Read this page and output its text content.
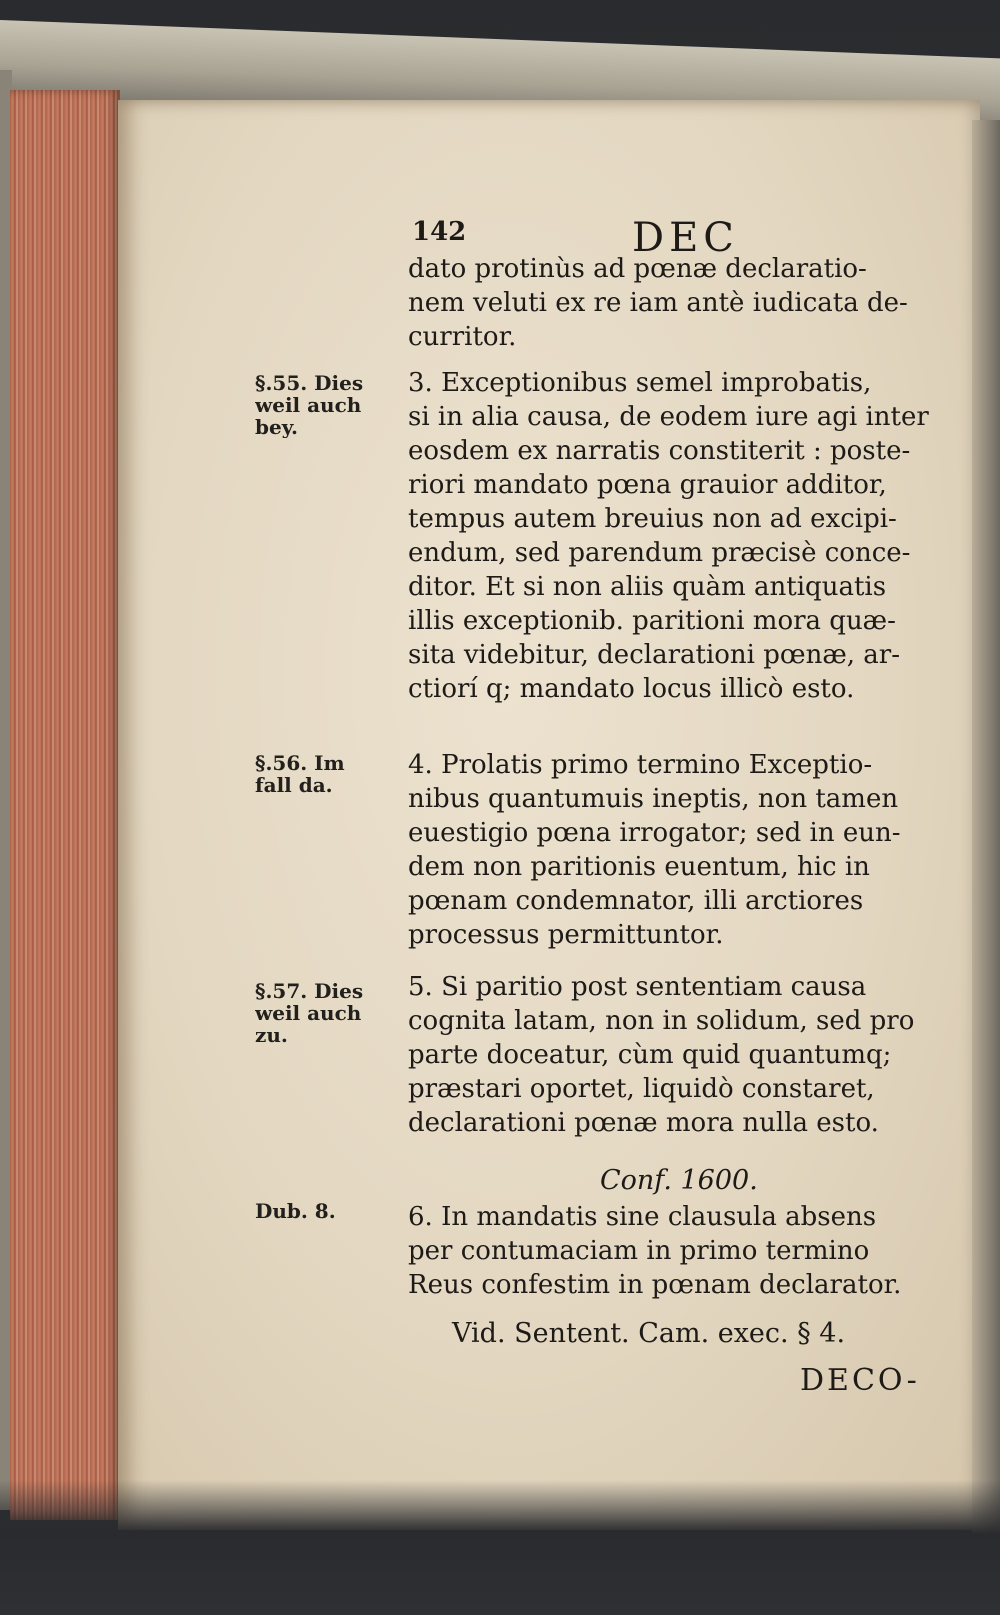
142	DEC
dato protinùs ad pœnæ declaratio-
nem veluti ex re iam antè iudicata de-
curritor.
3. Exceptionibus semel improbatis,
si in alia causa, de eodem iure agi inter
eosdem ex narratis constiterit : poste-
riori mandato pœna grauior additor,
tempus autem breuius non ad excipi-
endum, sed parendum præcisè conce-
ditor. Et si non aliis quàm antiquatis
illis exceptionib. paritioni mora quæ-
sita videbitur, declarationi pœnæ, ar-
ctiorí q; mandato locus illicò esto.
4. Prolatis primo termino Exceptio-
nibus quantumuis ineptis, non tamen
euestigio pœna irrogator; sed in eun-
dem non paritionis euentum, hic in
pœnam condemnator, illi arctiores
processus permittuntor.
5. Si paritio post sententiam causa
cognita latam, non in solidum, sed pro
parte doceatur, cùm quid quantumq;
præstari oportet, liquidò constaret,
declarationi pœnæ mora nulla esto.
Conf. 1600.
6. In mandatis sine clausula absens
per contumaciam in primo termino
Reus confestim in pœnam declarator.
Vid. Sentent. Cam. exec. § 4.
DECO-
§.55. Dies
weil auch
bey.
§.56. Im
fall da.
§.57. Dies
weil auch
zu.
Dub. 8.
